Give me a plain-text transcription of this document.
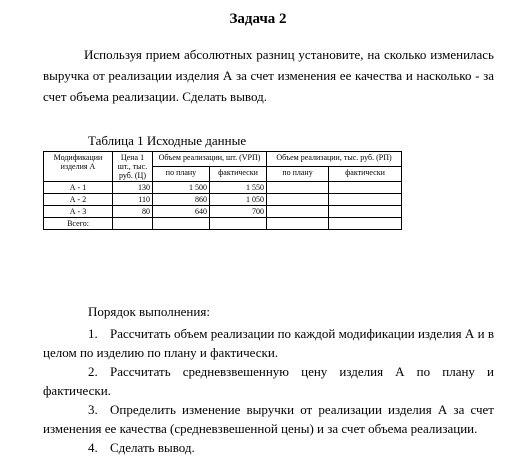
Задача 2
Используя прием абсолютных разниц установите, на сколько изменилась выручка от реализации изделия А за счет изменения ее качества и насколько - за счет объема реализации. Сделать вывод.
Таблица 1 Исходные данные
Модификации изделия А	Цена 1 шт., тыс. руб. (Ц)	Объем реализации, шт. (VРП)		Объем реализации, тыс. руб. (РП)	
		по плану	фактически	по плану	фактически
А - 1	130	1 500	1 550		
А - 2	110	860	1 050		
А - 3	80	640	700		
Всего:					
Порядок выполнения:
1. Рассчитать объем реализации по каждой модификации изделия А и в целом по изделию по плану и фактически.
2. Рассчитать средневзвешенную цену изделия А по плану и фактически.
3. Определить изменение выручки от реализации изделия А за счет изменения ее качества (средневзвешенной цены) и за счет объема реализации.
4. Сделать вывод.
